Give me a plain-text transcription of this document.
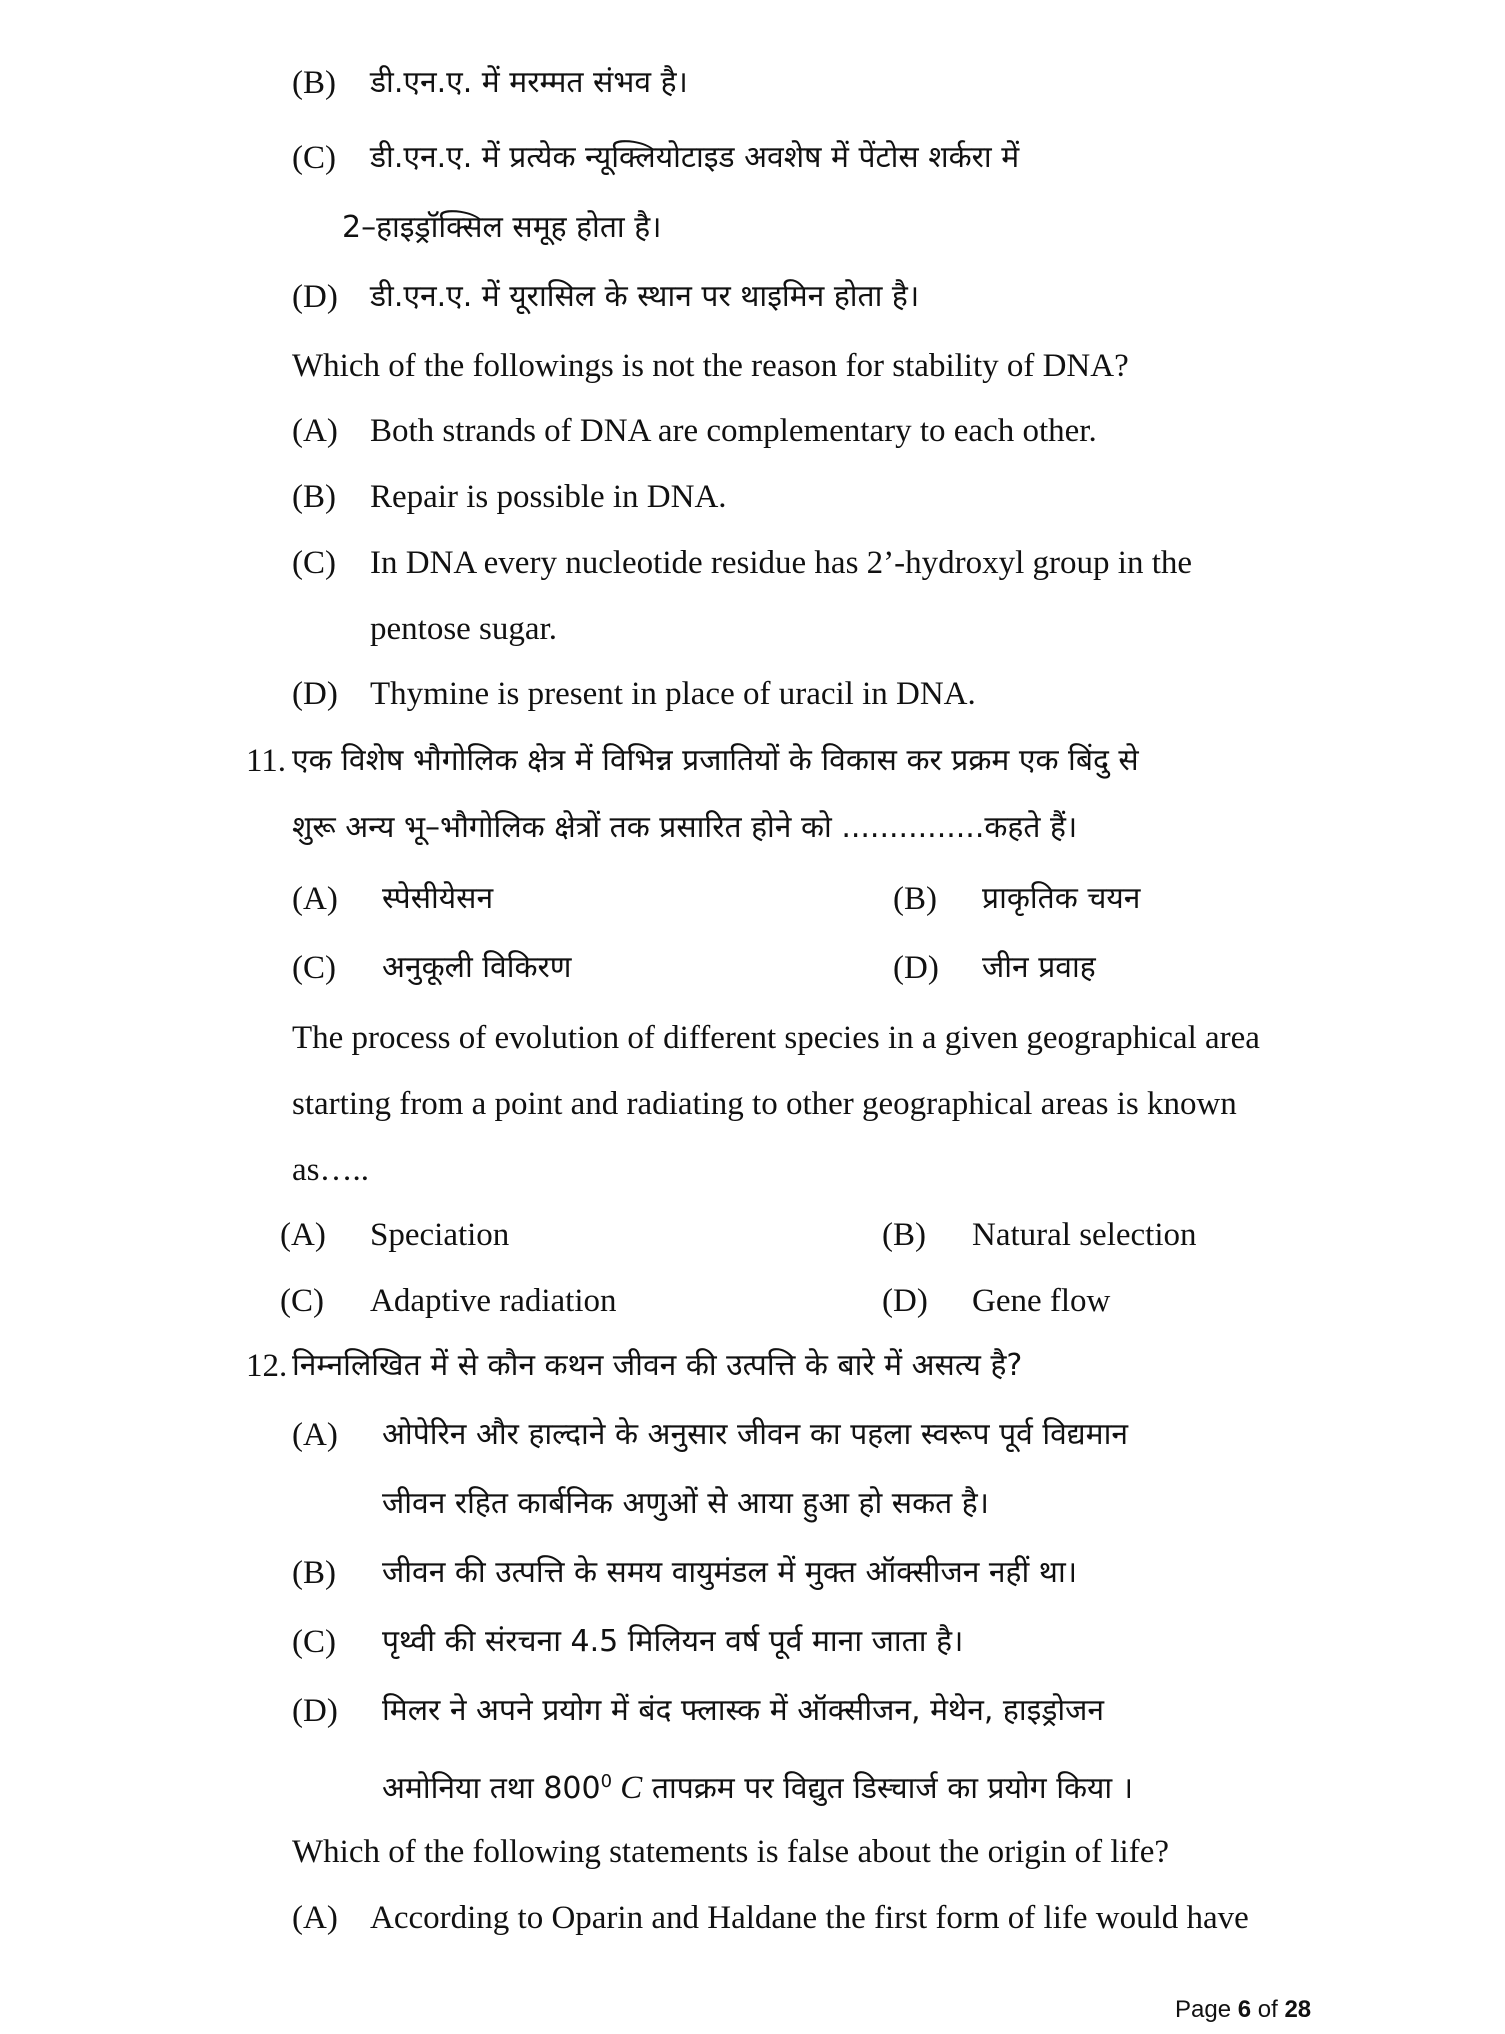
(B) डी.एन.ए. में मरम्मत संभव है।
(C) डी.एन.ए. में प्रत्येक न्यूक्लियोटाइड अवशेष में पेंटोस शर्करा में
2–हाइड्रॉक्सिल समूह होता है।
(D) डी.एन.ए. में यूरासिल के स्थान पर थाइमिन होता है।
Which of the followings is not the reason for stability of DNA?
(A) Both strands of DNA are complementary to each other.
(B) Repair is possible in DNA.
(C) In DNA every nucleotide residue has 2’-hydroxyl group in the
pentose sugar.
(D) Thymine is present in place of uracil in DNA.
11. एक विशेष भौगोलिक क्षेत्र में विभिन्न प्रजातियों के विकास कर प्रक्रम एक बिंदु से
शुरू अन्य भू–भौगोलिक क्षेत्रों तक प्रसारित होने को ...............कहते हैं।
(A) स्पेसीयेसन	(B) प्राकृतिक चयन
(C) अनुकूली विकिरण	(D) जीन प्रवाह
The process of evolution of different species in a given geographical area
starting from a point and radiating to other geographical areas is known
as…..
(A) Speciation	(B) Natural selection
(C) Adaptive radiation	(D) Gene flow
12. निम्नलिखित में से कौन कथन जीवन की उत्पत्ति के बारे में असत्य है?
(A) ओपेरिन और हाल्दाने के अनुसार जीवन का पहला स्वरूप पूर्व विद्यमान
जीवन रहित कार्बनिक अणुओं से आया हुआ हो सकत है।
(B) जीवन की उत्पत्ति के समय वायुमंडल में मुक्त ऑक्सीजन नहीं था।
(C) पृथ्वी की संरचना 4.5 मिलियन वर्ष पूर्व माना जाता है।
(D) मिलर ने अपने प्रयोग में बंद फ्लास्क में ऑक्सीजन, मेथेन, हाइड्रोजन
अमोनिया तथा $800^0$ C तापक्रम पर विद्युत डिस्चार्ज का प्रयोग किया ।
Which of the following statements is false about the origin of life?
(A) According to Oparin and Haldane the first form of life would have
Page 6 of 28
